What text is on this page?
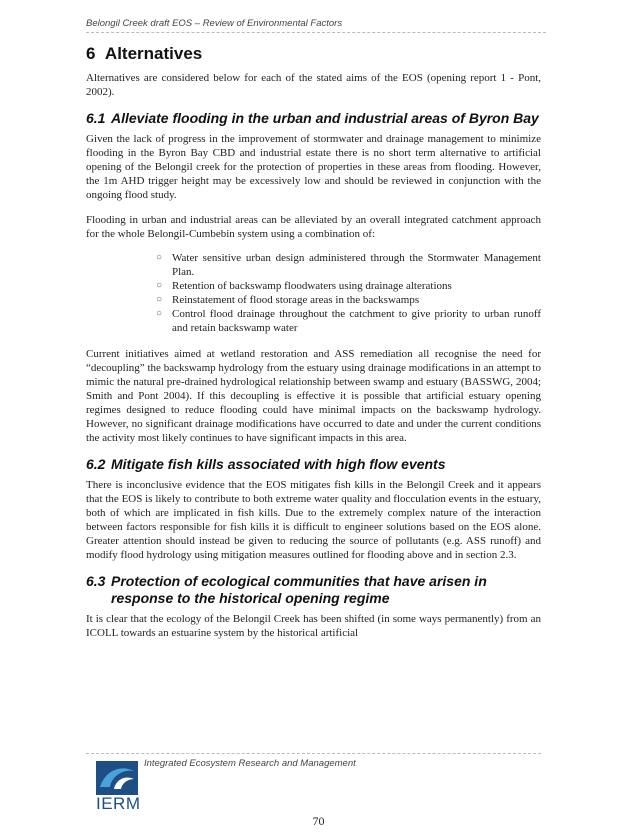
Belongil Creek draft EOS – Review of Environmental Factors
6 Alternatives

Alternatives are considered below for each of the stated aims of the EOS (opening report 1 - Pont, 2002).

6.1 Alleviate flooding in the urban and industrial areas of Byron Bay

Given the lack of progress in the improvement of stormwater and drainage management to minimize flooding in the Byron Bay CBD and industrial estate there is no short term alternative to artificial opening of the Belongil creek for the protection of properties in these areas from flooding. However, the 1m AHD trigger height may be excessively low and should be reviewed in conjunction with the ongoing flood study.

Flooding in urban and industrial areas can be alleviated by an overall integrated catchment approach for the whole Belongil-Cumbebin system using a combination of:

○ Water sensitive urban design administered through the Stormwater Management Plan.
○ Retention of backswamp floodwaters using drainage alterations
○ Reinstatement of flood storage areas in the backswamps
○ Control flood drainage throughout the catchment to give priority to urban runoff and retain backswamp water

Current initiatives aimed at wetland restoration and ASS remediation all recognise the need for “decoupling” the backswamp hydrology from the estuary using drainage modifications in an attempt to mimic the natural pre-drained hydrological relationship between swamp and estuary (BASSWG, 2004; Smith and Pont 2004). If this decoupling is effective it is possible that artificial estuary opening regimes designed to reduce flooding could have minimal impacts on the backswamp hydrology. However, no significant drainage modifications have occurred to date and under the current conditions the activity most likely continues to have significant impacts in this area.

6.2 Mitigate fish kills associated with high flow events

There is inconclusive evidence that the EOS mitigates fish kills in the Belongil Creek and it appears that the EOS is likely to contribute to both extreme water quality and flocculation events in the estuary, both of which are implicated in fish kills. Due to the extremely complex nature of the interaction between factors responsible for fish kills it is difficult to engineer solutions based on the EOS alone. Greater attention should instead be given to reducing the source of pollutants (e.g. ASS runoff) and modify flood hydrology using mitigation measures outlined for flooding above and in section 2.3.

6.3 Protection of ecological communities that have arisen in response to the historical opening regime

It is clear that the ecology of the Belongil Creek has been shifted (in some ways permanently) from an ICOLL towards an estuarine system by the historical artificial

IERM
Integrated Ecosystem Research and Management
70
